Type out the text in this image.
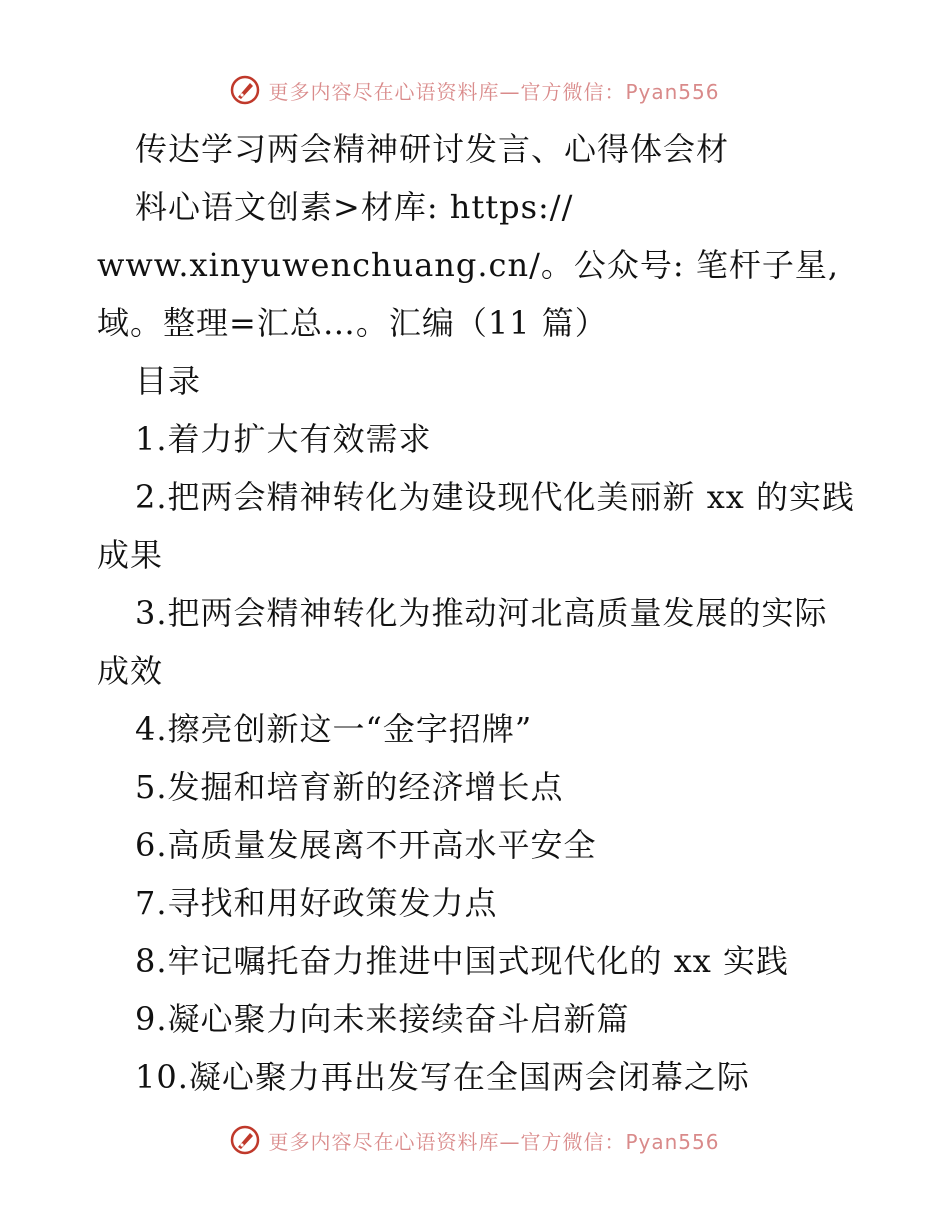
更多内容尽在心语资料库—官方微信：Pyan556
传达学习两会精神研讨发言、心得体会材
料心语文创素>材库: https://
www.xinyuwenchuang.cn/。公众号: 笔杆子星,
域。整理=汇总…。汇编（11 篇）
目录
1.着力扩大有效需求
2.把两会精神转化为建设现代化美丽新 xx 的实践成果
3.把两会精神转化为推动河北高质量发展的实际成效
4.擦亮创新这一“金字招牌”
5.发掘和培育新的经济增长点
6.高质量发展离不开高水平安全
7.寻找和用好政策发力点
8.牢记嘱托奋力推进中国式现代化的 xx 实践
9.凝心聚力向未来接续奋斗启新篇
10.凝心聚力再出发写在全国两会闭幕之际
更多内容尽在心语资料库—官方微信：Pyan556
